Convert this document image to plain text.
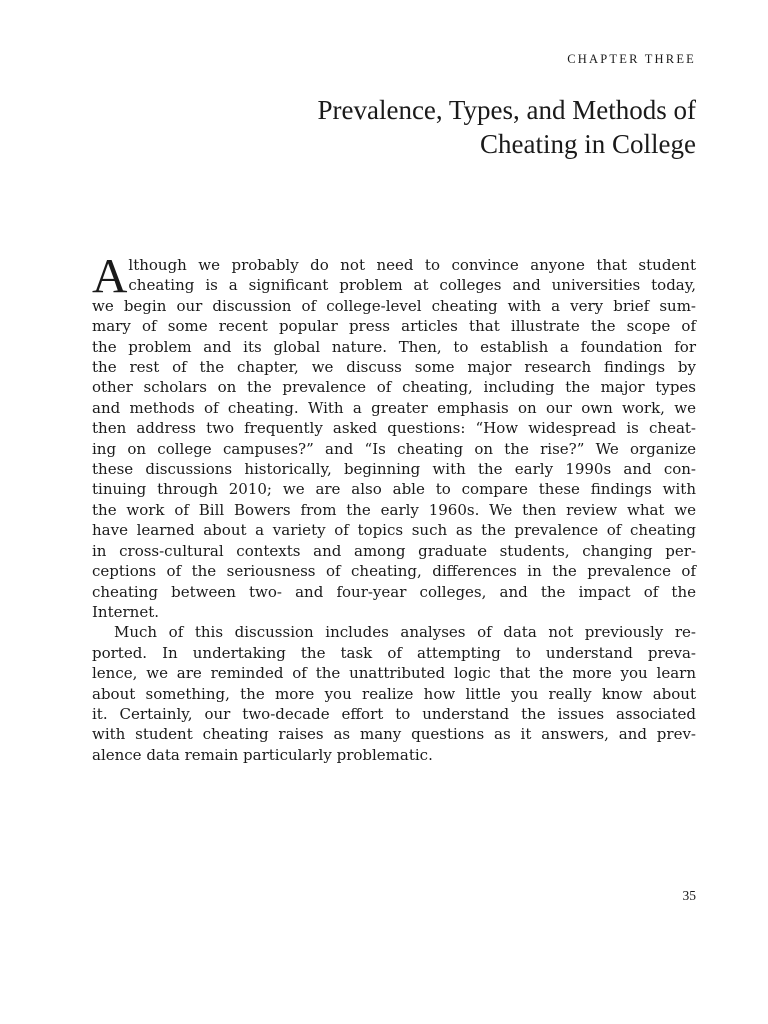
CHAPTER THREE
Prevalence, Types, and Methods of
Cheating in College
A lthough we probably do not need to convince anyone that student
cheating is a significant problem at colleges and universities today,
we begin our discussion of college-level cheating with a very brief sum-
mary of some recent popular press articles that illustrate the scope of
the problem and its global nature. Then, to establish a foundation for
the rest of the chapter, we discuss some major research findings by
other scholars on the prevalence of cheating, including the major types
and methods of cheating. With a greater emphasis on our own work, we
then address two frequently asked questions: “How widespread is cheat-
ing on college campuses?” and “Is cheating on the rise?” We organize
these discussions historically, beginning with the early 1990s and con-
tinuing through 2010; we are also able to compare these findings with
the work of Bill Bowers from the early 1960s. We then review what we
have learned about a variety of topics such as the prevalence of cheating
in cross-cultural contexts and among graduate students, changing per-
ceptions of the seriousness of cheating, differences in the prevalence of
cheating between two- and four-year colleges, and the impact of the
Internet.
Much of this discussion includes analyses of data not previously re-
ported. In undertaking the task of attempting to understand preva-
lence, we are reminded of the unattributed logic that the more you learn
about something, the more you realize how little you really know about
it. Certainly, our two-decade effort to understand the issues associated
with student cheating raises as many questions as it answers, and prev-
alence data remain particularly problematic.
35
